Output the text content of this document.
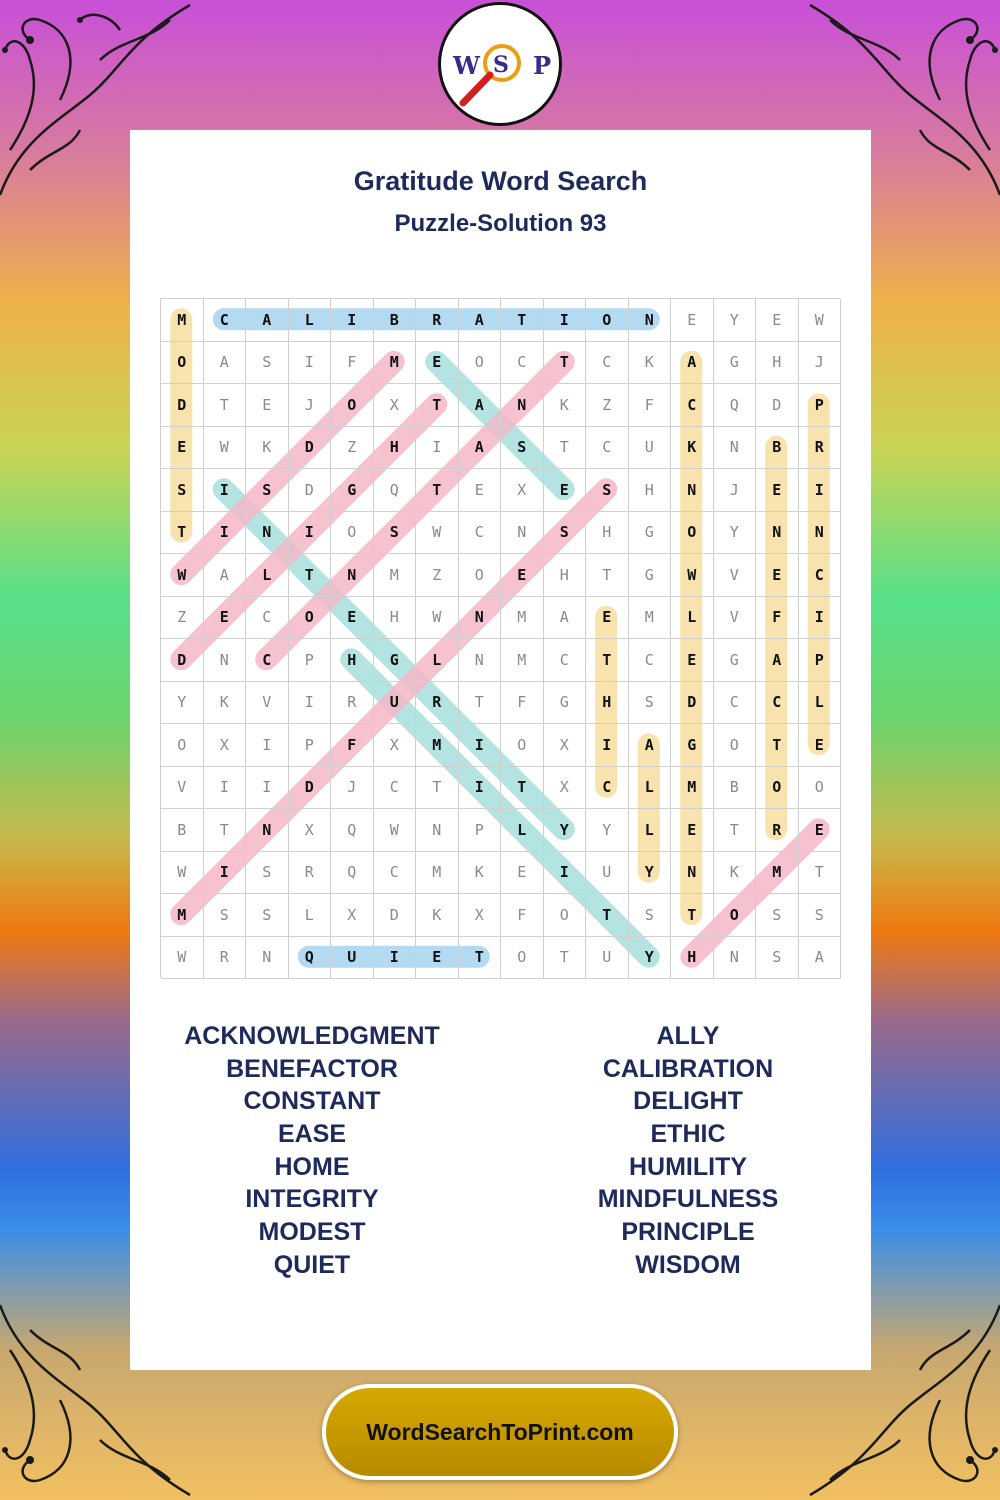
W S P
Gratitude Word Search
Puzzle-Solution 93
M	C	A	L	I	B	R	A	T	I	O	N	E	Y	E	W
O	A	S	I	F	M	E	O	C	T	C	K	A	G	H	J
D	T	E	J	O	X	T	A	N	K	Z	F	C	Q	D	P
E	W	K	D	Z	H	I	A	S	T	C	U	K	N	B	R
S	I	S	D	G	Q	T	E	X	E	S	H	N	J	E	I
T	I	N	I	O	S	W	C	N	S	H	G	O	Y	N	N
W	A	L	T	N	M	Z	O	E	H	T	G	W	V	E	C
Z	E	C	O	E	H	W	N	M	A	E	M	L	V	F	I
D	N	C	P	H	G	L	N	M	C	T	C	E	G	A	P
Y	K	V	I	R	U	R	T	F	G	H	S	D	C	C	L
O	X	I	P	F	X	M	I	O	X	I	A	G	O	T	E
V	I	I	D	J	C	T	I	T	X	C	L	M	B	O	O
B	T	N	X	Q	W	N	P	L	Y	Y	L	E	T	R	E
W	I	S	R	Q	C	M	K	E	I	U	Y	N	K	M	T
M	S	S	L	X	D	K	X	F	O	T	S	T	O	S	S
W	R	N	Q	U	I	E	T	O	T	U	Y	H	N	S	A
ACKNOWLEDGMENT
BENEFACTOR
CONSTANT
EASE
HOME
INTEGRITY
MODEST
QUIET
ALLY
CALIBRATION
DELIGHT
ETHIC
HUMILITY
MINDFULNESS
PRINCIPLE
WISDOM
WordSearchToPrint.com
